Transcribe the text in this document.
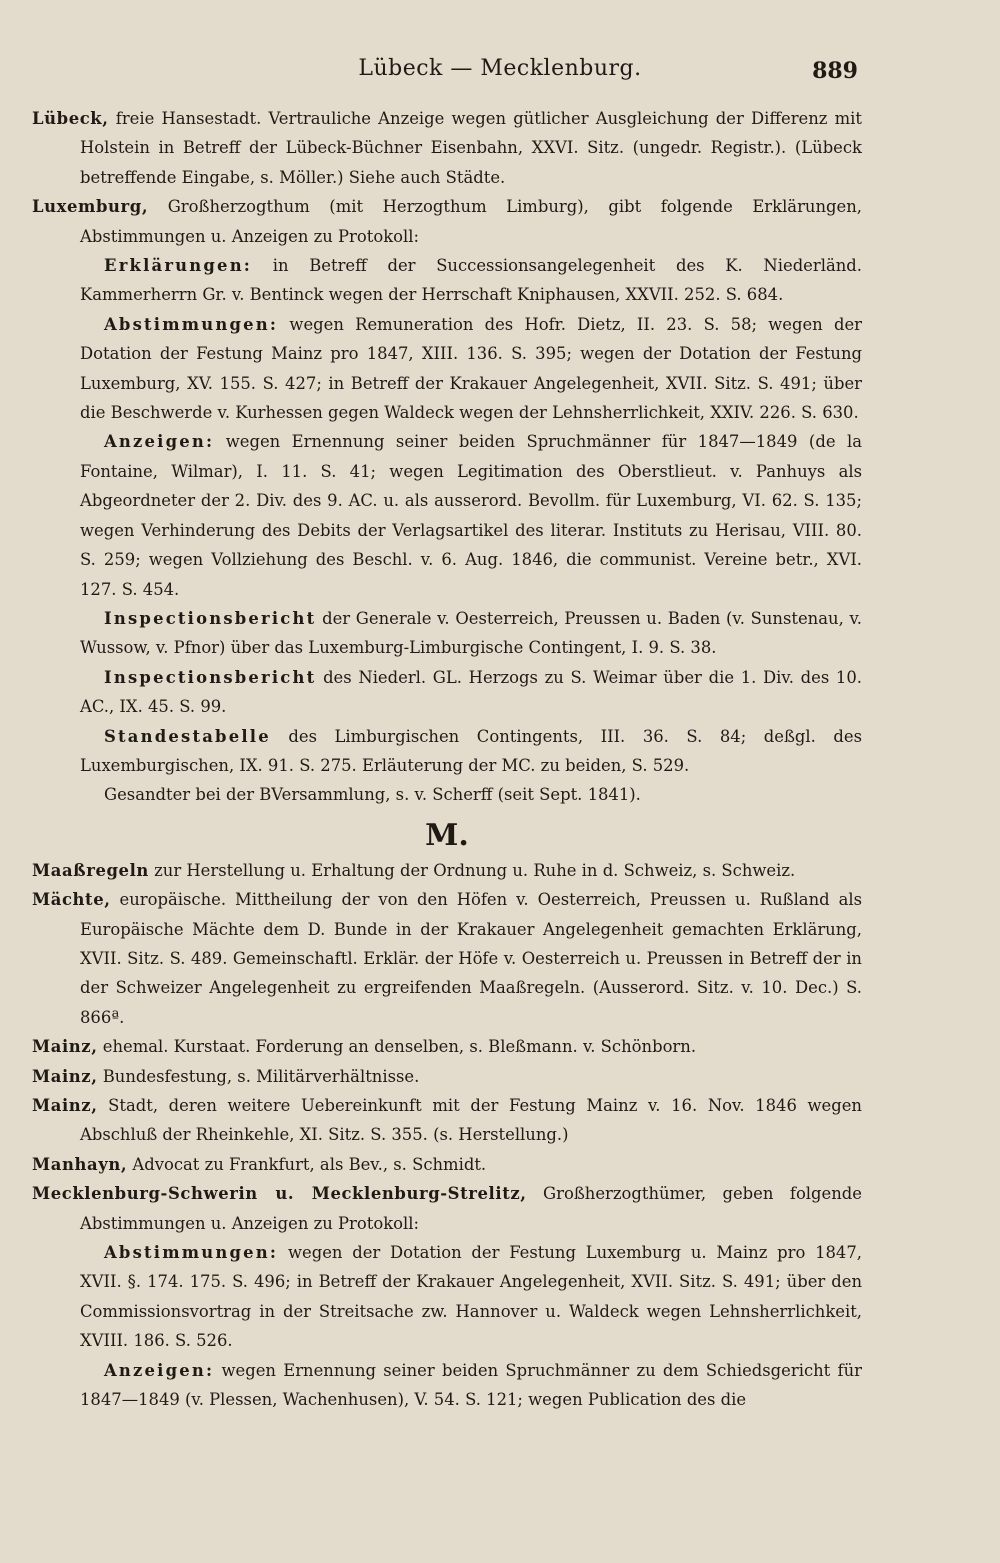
Lübeck — Mecklenburg.	889

Lübeck, freie Hansestadt. Vertrauliche Anzeige wegen gütlicher Ausgleichung der Differenz mit Holstein in Betreff der Lübeck-Büchner Eisenbahn, XXVI. Sitz. (ungedr. Registr.). (Lübeck betreffende Eingabe, s. Möller.) Siehe auch Städte.

Luxemburg, Großherzogthum (mit Herzogthum Limburg), gibt folgende Erklärungen, Abstimmungen u. Anzeigen zu Protokoll:

Erklärungen: in Betreff der Successionsangelegenheit des K. Niederländ. Kammerherrn Gr. v. Bentinck wegen der Herrschaft Kniphausen, XXVII. 252. S. 684.

Abstimmungen: wegen Remuneration des Hofr. Dietz, II. 23. S. 58; wegen der Dotation der Festung Mainz pro 1847, XIII. 136. S. 395; wegen der Dotation der Festung Luxemburg, XV. 155. S. 427; in Betreff der Krakauer Angelegenheit, XVII. Sitz. S. 491; über die Beschwerde v. Kurhessen gegen Waldeck wegen der Lehnsherrlichkeit, XXIV. 226. S. 630.

Anzeigen: wegen Ernennung seiner beiden Spruchmänner für 1847—1849 (de la Fontaine, Wilmar), I. 11. S. 41; wegen Legitimation des Oberstlieut. v. Panhuys als Abgeordneter der 2. Div. des 9. AC. u. als ausserord. Bevollm. für Luxemburg, VI. 62. S. 135; wegen Verhinderung des Debits der Verlagsartikel des literar. Instituts zu Herisau, VIII. 80. S. 259; wegen Vollziehung des Beschl. v. 6. Aug. 1846, die communist. Vereine betr., XVI. 127. S. 454.

Inspectionsbericht der Generale v. Oesterreich, Preussen u. Baden (v. Sunstenau, v. Wussow, v. Pfnor) über das Luxemburg-Limburgische Contingent, I. 9. S. 38.

Inspectionsbericht des Niederl. GL. Herzogs zu S. Weimar über die 1. Div. des 10. AC., IX. 45. S. 99.

Standestabelle des Limburgischen Contingents, III. 36. S. 84; deßgl. des Luxemburgischen, IX. 91. S. 275. Erläuterung der MC. zu beiden, S. 529.

Gesandter bei der BVersammlung, s. v. Scherff (seit Sept. 1841).

M.

Maaßregeln zur Herstellung u. Erhaltung der Ordnung u. Ruhe in d. Schweiz, s. Schweiz.

Mächte, europäische. Mittheilung der von den Höfen v. Oesterreich, Preussen u. Rußland als Europäische Mächte dem D. Bunde in der Krakauer Angelegenheit gemachten Erklärung, XVII. Sitz. S. 489. Gemeinschaftl. Erklär. der Höfe v. Oesterreich u. Preussen in Betreff der in der Schweizer Angelegenheit zu ergreifenden Maaßregeln. (Ausserord. Sitz. v. 10. Dec.) S. 866ª.

Mainz, ehemal. Kurstaat. Forderung an denselben, s. Bleßmann. v. Schönborn.

Mainz, Bundesfestung, s. Militärverhältnisse.

Mainz, Stadt, deren weitere Uebereinkunft mit der Festung Mainz v. 16. Nov. 1846 wegen Abschluß der Rheinkehle, XI. Sitz. S. 355. (s. Herstellung.)

Manhayn, Advocat zu Frankfurt, als Bev., s. Schmidt.

Mecklenburg-Schwerin u. Mecklenburg-Strelitz, Großherzogthümer, geben folgende Abstimmungen u. Anzeigen zu Protokoll:

Abstimmungen: wegen der Dotation der Festung Luxemburg u. Mainz pro 1847, XVII. §. 174. 175. S. 496; in Betreff der Krakauer Angelegenheit, XVII. Sitz. S. 491; über den Commissionsvortrag in der Streitsache zw. Hannover u. Waldeck wegen Lehnsherrlichkeit, XVIII. 186. S. 526.

Anzeigen: wegen Ernennung seiner beiden Spruchmänner zu dem Schiedsgericht für 1847—1849 (v. Plessen, Wachenhusen), V. 54. S. 121; wegen Publication des die
